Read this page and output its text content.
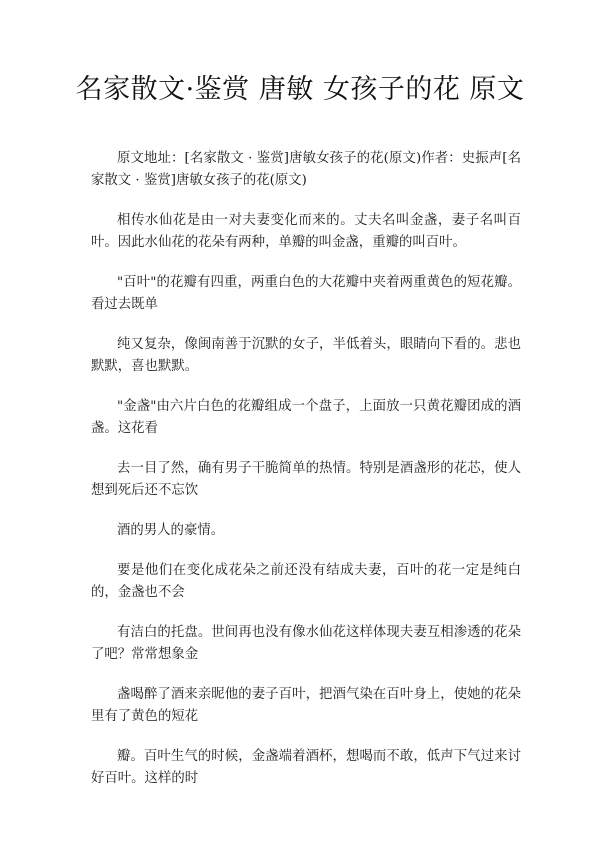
名家散文·鉴赏 唐敏 女孩子的花 原文

原文地址：[名家散文 · 鉴赏]唐敏女孩子的花(原文)作者：史振声[名家散文 · 鉴赏]唐敏女孩子的花(原文)

相传水仙花是由一对夫妻变化而来的。丈夫名叫金盏，妻子名叫百叶。因此水仙花的花朵有两种，单瓣的叫金盏，重瓣的叫百叶。

"百叶"的花瓣有四重，两重白色的大花瓣中夹着两重黄色的短花瓣。看过去既单

纯又复杂，像闽南善于沉默的女子，半低着头，眼睛向下看的。悲也默默，喜也默默。

"金盏"由六片白色的花瓣组成一个盘子，上面放一只黄花瓣团成的酒盏。这花看

去一目了然，确有男子干脆简单的热情。特别是酒盏形的花芯，使人想到死后还不忘饮

酒的男人的豪情。

要是他们在变化成花朵之前还没有结成夫妻，百叶的花一定是纯白的，金盏也不会

有洁白的托盘。世间再也没有像水仙花这样体现夫妻互相渗透的花朵了吧？常常想象金

盏喝醉了酒来亲昵他的妻子百叶，把酒气染在百叶身上，使她的花朵里有了黄色的短花

瓣。百叶生气的时候，金盏端着酒杯，想喝而不敢，低声下气过来讨好百叶。这样的时
